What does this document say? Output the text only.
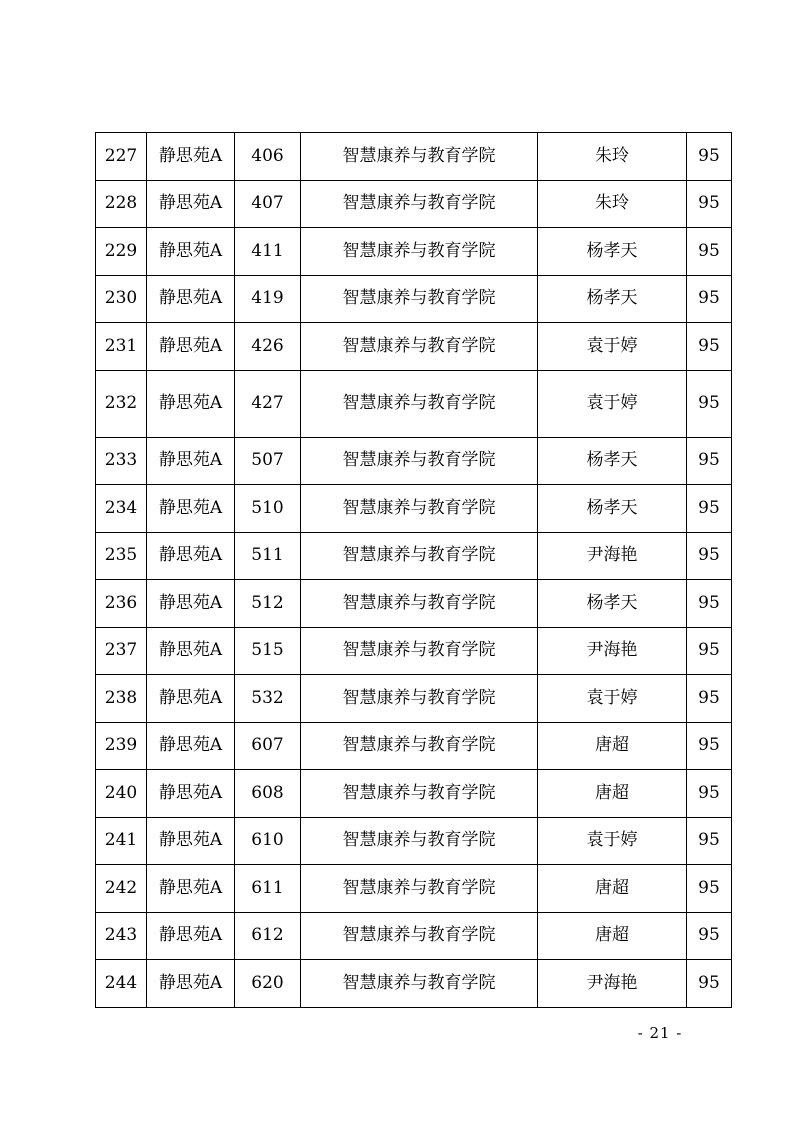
227	静思苑A	406	智慧康养与教育学院	朱玲	95
228	静思苑A	407	智慧康养与教育学院	朱玲	95
229	静思苑A	411	智慧康养与教育学院	杨孝天	95
230	静思苑A	419	智慧康养与教育学院	杨孝天	95
231	静思苑A	426	智慧康养与教育学院	袁于婷	95
232	静思苑A	427	智慧康养与教育学院	袁于婷	95
233	静思苑A	507	智慧康养与教育学院	杨孝天	95
234	静思苑A	510	智慧康养与教育学院	杨孝天	95
235	静思苑A	511	智慧康养与教育学院	尹海艳	95
236	静思苑A	512	智慧康养与教育学院	杨孝天	95
237	静思苑A	515	智慧康养与教育学院	尹海艳	95
238	静思苑A	532	智慧康养与教育学院	袁于婷	95
239	静思苑A	607	智慧康养与教育学院	唐超	95
240	静思苑A	608	智慧康养与教育学院	唐超	95
241	静思苑A	610	智慧康养与教育学院	袁于婷	95
242	静思苑A	611	智慧康养与教育学院	唐超	95
243	静思苑A	612	智慧康养与教育学院	唐超	95
244	静思苑A	620	智慧康养与教育学院	尹海艳	95
- 21 -
